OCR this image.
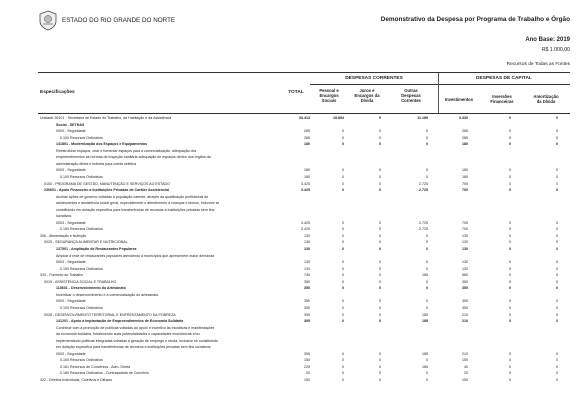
ESTADO DO RIO GRANDE DO NORTE	Demonstrativo da Despesa por Programa de Trabalho e Órgão
Ano Base: 2019
R$ 1.000,00
Recursos de Todas as Fontes
DESPESAS CORRENTES	DESPESAS DE CAPITAL
Especificações	TOTAL	Pessoal e
Encargos
Sociais
Juros e
Encargos da
Dívida
Outras
Despesas
Correntes	Investimentos
Inversões
Financeiras
Amortização
da Dívida
Unidade 26101 - Secretaria de Estado do Trabalho, da Habitação e da Assistência	33.413	18.894	0	11.189	3.330	0	0
Social - SETHAS
0003 - Seguridade	265	0	0	0	265	0	0
0.100 Recursos Ordinários	265	0	0	0	265	0	0
141801 - Modernização dos Espaços e Equipamentos	180	0	0	0	180	0	0
Reestruturar espaços, criar e fomentar espaços para a comercialização, adequação dos
empreendimentos às normas de inspeção sanitária adequação de espaços dentro dos órgãos da
administração direta e indireta para coleta seletiva
0003 - Seguridade	180	0	0	0	180	0	0
0.100 Recursos Ordinários	180	0	0	0	180	0	0
0100 - PROGRAMA DE GESTÃO, MANUTENÇÃO E SERVIÇOS AO ESTADO	3.425	0	0	2.725	700	0	0
230601 - Apoio Financeiro a Instituições Privadas de Caráter Assistencial	3.425	0	0	2.725	700	0	0
Auxiliar ações de governo voltadas à população carente, através da qualificação profissional de
adolescentes e assistência social geral, especialmente o atendimento à crianças e idosos, inclusive se
constituindo em dotação específica para transferências de recursos à instituições privadas sem fins
lucrativos.
0003 - Seguridade	3.425	0	0	2.725	700	0	0
0.100 Recursos Ordinários	3.425	0	0	2.725	700	0	0
306 - Alimentação e Nutrição	130	0	0	0	130	0	0
0025 - SEGURANÇA ALIMENTAR E NUTRICIONAL	130	0	0	0	130	0	0
137501 - Ampliação de Restaurantes Populares	130	0	0	0	130	0	0
Ampliar a rede de restaurantes populares atendendo a municípios que apresentem maior demanda
0003 - Seguridade	130	0	0	0	130	0	0
0.100 Recursos Ordinários	130	0	0	0	130	0	0
334 - Fomento ao Trabalho	745	0	0	185	560	0	0
0019 - ASSISTÊNCIA SOCIAL E TRABALHO	350	0	0	0	350	0	0
118601 - Desenvolvimento do Artesanato	350	0	0	0	350	0	0
Incentivar o desenvolvimento e a comercialização do artesanato.
0003 - Seguridade	350	0	0	0	350	0	0
0.100 Recursos Ordinários	350	0	0	0	350	0	0
0028 - DESENVOLVIMENTO TERRITORIAL E ENFRENTAMENTO DA POBREZA	395	0	0	185	210	0	0
141201 - Apoio à Implantação de Empreendimentos de Economia Solidária	395	0	0	185	210	0	0
Contribuir com a promoção de políticas voltadas ao apoio e incentivo às iniciativas e manifestações
da economia solidária, fortalecendo suas potencialidades e capacidades econômicas e/ou
implementando políticas integradas voltadas à geração de emprego e renda, inclusive se constituindo
em dotação específica para transferências de recursos à instituições privadas sem fins lucrativos.
0003 - Seguridade	395	0	0	185	210	0	0
0.100 Recursos Ordinários	150	0	0	0	150	0	0
0.161 Recursos de Convênios - Adm. Direta	225	0	0	185	40	0	0
0.180 Recursos Ordinários - Contrapartida de Convênio	20	0	0	0	20	0	0
422 - Direitos Individuais, Coletivos e Difusos	150	0	0	0	150	0	0
